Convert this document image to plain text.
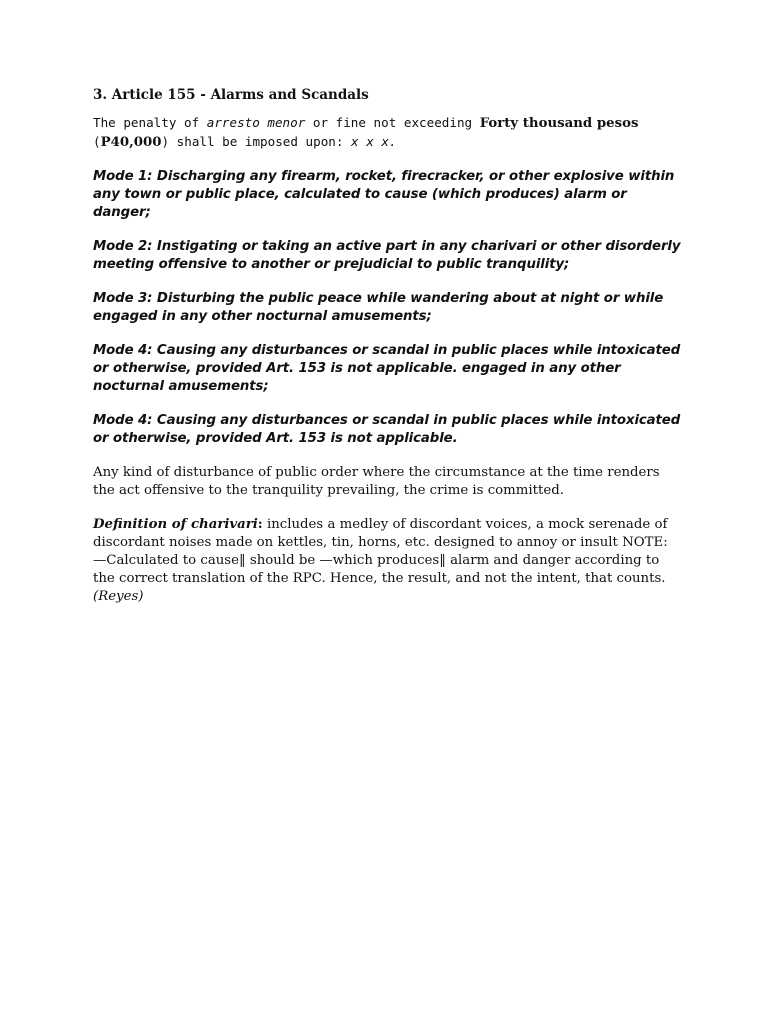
3. Article 155 - Alarms and Scandals

The penalty of arresto menor or fine not exceeding Forty thousand pesos (P40,000) shall be imposed upon: x x x.

Mode 1: Discharging any firearm, rocket, firecracker, or other explosive within any town or public place, calculated to cause (which produces) alarm or danger;

Mode 2: Instigating or taking an active part in any charivari or other disorderly meeting offensive to another or prejudicial to public tranquility;

Mode 3: Disturbing the public peace while wandering about at night or while engaged in any other nocturnal amusements;

Mode 4: Causing any disturbances or scandal in public places while intoxicated or otherwise, provided Art. 153 is not applicable. engaged in any other nocturnal amusements;

Mode 4: Causing any disturbances or scandal in public places while intoxicated or otherwise, provided Art. 153 is not applicable.

Any kind of disturbance of public order where the circumstance at the time renders the act offensive to the tranquility prevailing, the crime is committed.

Definition of charivari: includes a medley of discordant voices, a mock serenade of discordant noises made on kettles, tin, horns, etc. designed to annoy or insult NOTE: —Calculated to cause‖ should be —which produces‖ alarm and danger according to the correct translation of the RPC. Hence, the result, and not the intent, that counts. (Reyes)
